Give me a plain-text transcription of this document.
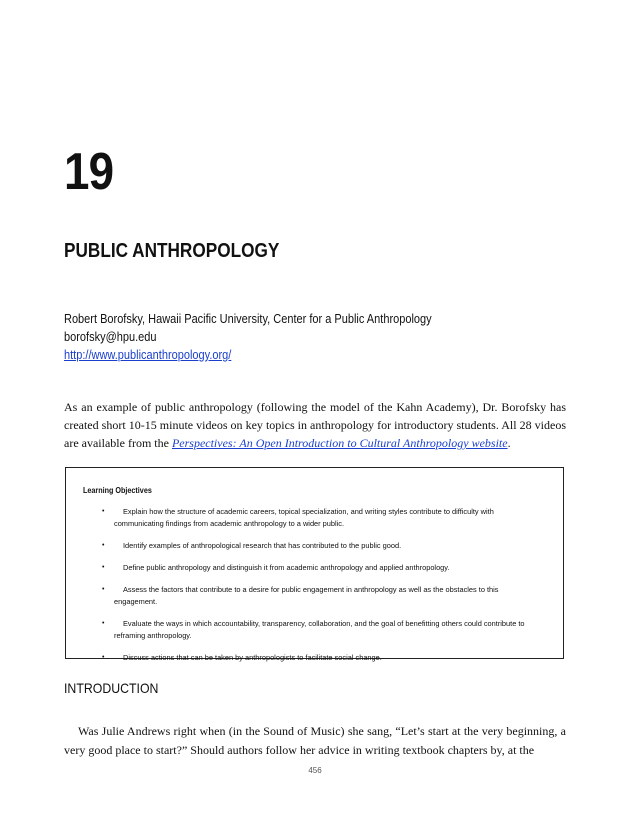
19
PUBLIC ANTHROPOLOGY
Robert Borofsky, Hawaii Pacific University, Center for a Public Anthropology
borofsky@hpu.edu
http://www.publicanthropology.org/

As an example of public anthropology (following the model of the Kahn Academy), Dr. Borofsky has created short 10-15 minute videos on key topics in anthropology for introductory students. All 28 videos are available from the Perspectives: An Open Introduction to Cultural Anthropology website.

Learning Objectives
•	Explain how the structure of academic careers, topical specialization, and writing styles contribute to difficulty with communicating findings from academic anthropology to a wider public.
•	Identify examples of anthropological research that has contributed to the public good.
•	Define public anthropology and distinguish it from academic anthropology and applied anthropology.
•	Assess the factors that contribute to a desire for public engagement in anthropology as well as the obstacles to this engagement.
•	Evaluate the ways in which accountability, transparency, collaboration, and the goal of benefitting others could contribute to reframing anthropology.
•	Discuss actions that can be taken by anthropologists to facilitate social change.
INTRODUCTION

Was Julie Andrews right when (in the Sound of Music) she sang, “Let’s start at the very beginning, a very good place to start?” Should authors follow her advice in writing textbook chapters by, at the

456
